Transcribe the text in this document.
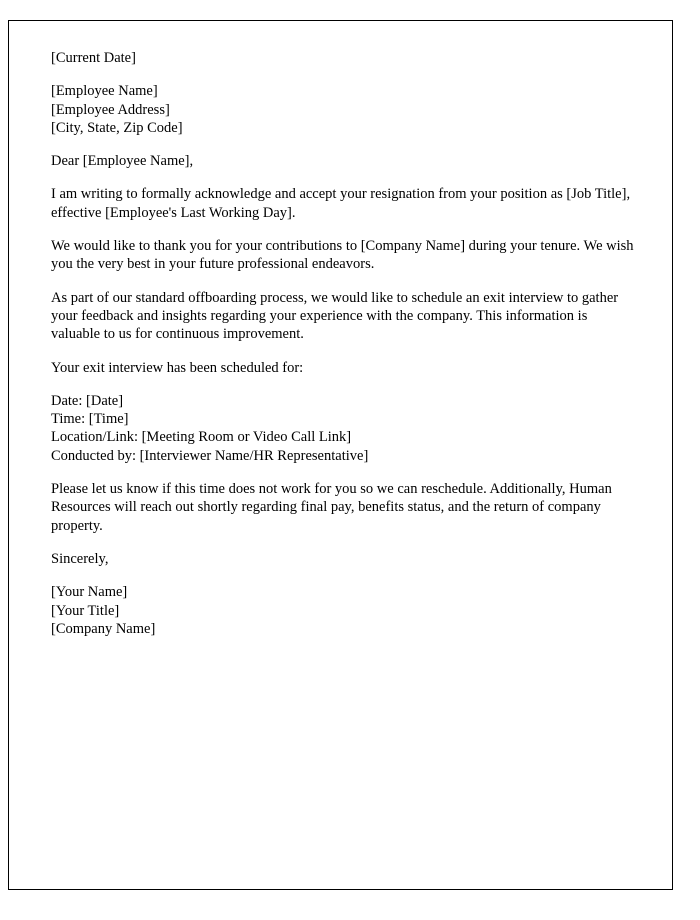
[Current Date]
[Employee Name]
[Employee Address]
[City, State, Zip Code]
Dear [Employee Name],
I am writing to formally acknowledge and accept your resignation from your position as [Job Title], effective [Employee's Last Working Day].
We would like to thank you for your contributions to [Company Name] during your tenure. We wish you the very best in your future professional endeavors.
As part of our standard offboarding process, we would like to schedule an exit interview to gather your feedback and insights regarding your experience with the company. This information is valuable to us for continuous improvement.
Your exit interview has been scheduled for:
Date: [Date]
Time: [Time]
Location/Link: [Meeting Room or Video Call Link]
Conducted by: [Interviewer Name/HR Representative]
Please let us know if this time does not work for you so we can reschedule. Additionally, Human Resources will reach out shortly regarding final pay, benefits status, and the return of company property.
Sincerely,
[Your Name]
[Your Title]
[Company Name]
